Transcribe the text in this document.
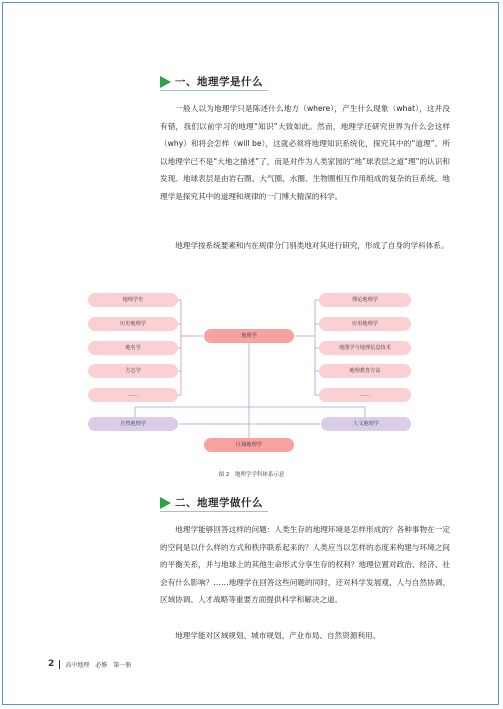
一、地理学是什么

一般人以为地理学只是陈述什么地方（where），产生什么现象（what），这并没有错，我们以前学习的地理“知识”大致如此。然而，地理学还研究世界为什么会这样（why）和将会怎样（will be），这就必须将地理知识系统化，探究其中的“道理”。所以地理学已不是“大地之描述”了，而是对作为人类家园的“地”球表层之道“理”的认识和发现。地球表层是由岩石圈、大气圈、水圈、生物圈相互作用组成的复杂的巨系统。地理学是探究其中的道理和规律的一门博大精深的科学。

地理学按系统要素和内在规律分门别类地对其进行研究，形成了自身的学科体系。

地理学史
历史地理学
地名学
方志学
……
地理学
理论地理学
应用地理学
地图学与地理信息技术
地理教育方法
……
自然地理学	人文地理学
区域地理学
图 2　地理学学科体系示意
二、地理学做什么

地理学能够回答这样的问题：人类生存的地理环境是怎样形成的？各种事物在一定的空间是以什么样的方式和秩序联系起来的？人类应当以怎样的态度来构建与环境之间的平衡关系，并与地球上的其他生命形式分享生存的权利？地理位置对政治、经济、社会有什么影响？……地理学在回答这些问题的同时，还对科学发展观、人与自然协调、区域协调、人才战略等重要方面提供科学和解决之道。

地理学能对区域规划、城市规划、产业布局、自然资源利用、

2 高中地理　必修　第一册
